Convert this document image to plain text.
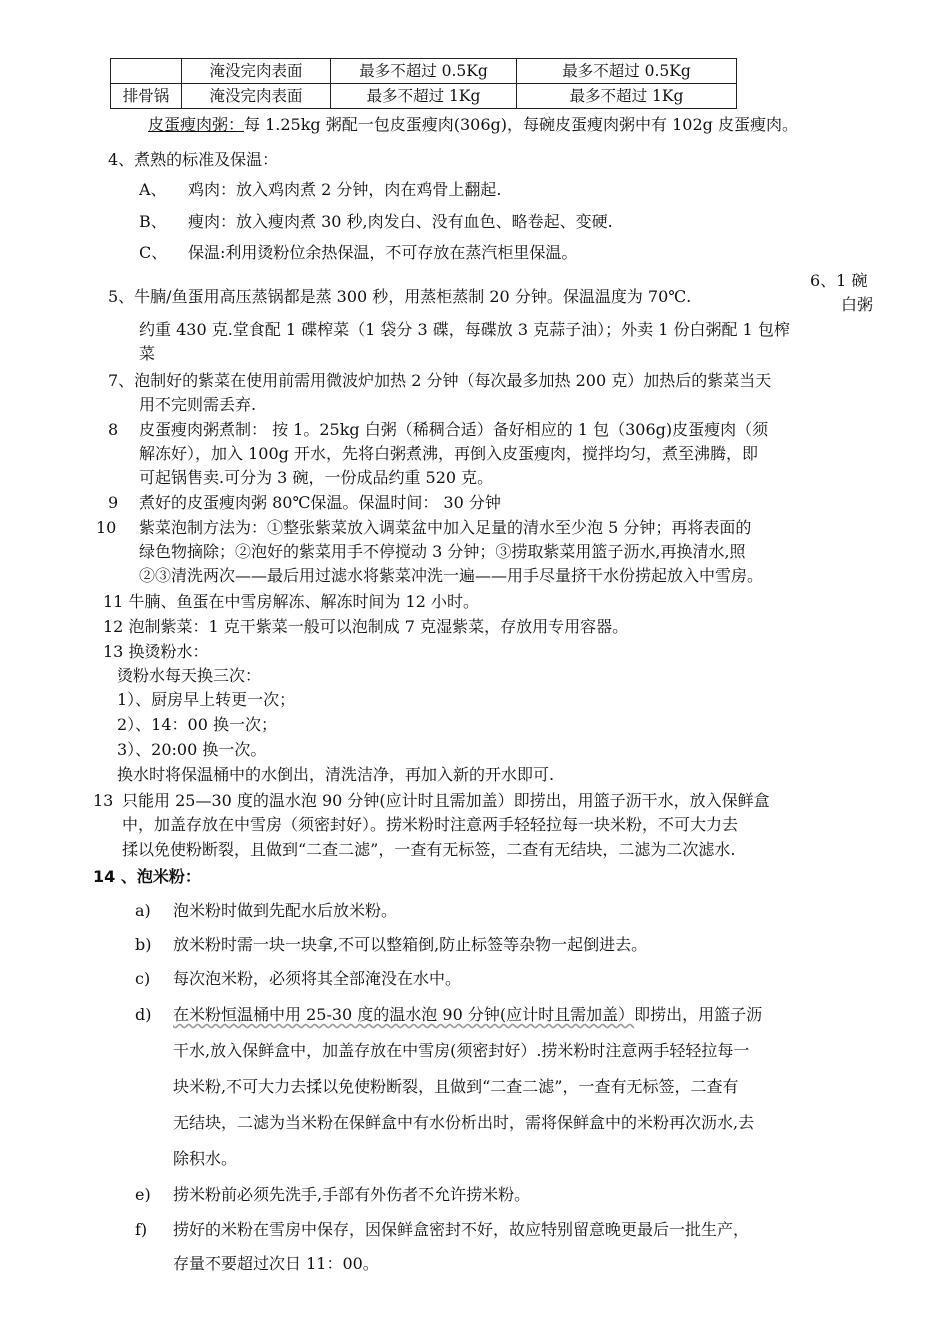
	淹没完肉表面	最多不超过 0.5Kg	最多不超过 0.5Kg
排骨锅	淹没完肉表面	最多不超过 1Kg	最多不超过 1Kg
皮蛋瘦肉粥：每 1.25kg 粥配一包皮蛋瘦肉(306g)，每碗皮蛋瘦肉粥中有 102g 皮蛋瘦肉。
4、煮熟的标准及保温：
A、 鸡肉：放入鸡肉煮 2 分钟，肉在鸡骨上翻起.
B、 瘦肉：放入瘦肉煮 30 秒,肉发白、没有血色、略卷起、变硬.
C、 保温:利用烫粉位余热保温，不可存放在蒸汽柜里保温。
5、牛腩/鱼蛋用高压蒸锅都是蒸 300 秒，用蒸柜蒸制 20 分钟。保温温度为 70℃.
6、1 碗
白粥
约重 430 克.堂食配 1 碟榨菜（1 袋分 3 碟，每碟放 3 克蒜子油）；外卖 1 份白粥配 1 包榨
菜
7、泡制好的紫菜在使用前需用微波炉加热 2 分钟（每次最多加热 200 克）加热后的紫菜当天
用不完则需丢弃.
8 皮蛋瘦肉粥煮制： 按 1。25kg 白粥（稀稠合适）备好相应的 1 包（306g)皮蛋瘦肉（须
解冻好），加入 100g 开水，先将白粥煮沸，再倒入皮蛋瘦肉，搅拌均匀，煮至沸腾，即
可起锅售卖.可分为 3 碗，一份成品约重 520 克。
9 煮好的皮蛋瘦肉粥 80℃保温。保温时间： 30 分钟
10 紫菜泡制方法为：①整张紫菜放入调菜盆中加入足量的清水至少泡 5 分钟；再将表面的
绿色物摘除；②泡好的紫菜用手不停搅动 3 分钟；③捞取紫菜用篮子沥水,再换清水,照
②③清洗两次——最后用过滤水将紫菜冲洗一遍——用手尽量挤干水份捞起放入中雪房。
11 牛腩、鱼蛋在中雪房解冻、解冻时间为 12 小时。
12 泡制紫菜：1 克干紫菜一般可以泡制成 7 克湿紫菜，存放用专用容器。
13 换烫粉水：
烫粉水每天换三次：
1）、厨房早上转更一次；
2）、14：00 换一次；
3）、20:00 换一次。
换水时将保温桶中的水倒出，清洗洁净，再加入新的开水即可.
13 只能用 25—30 度的温水泡 90 分钟(应计时且需加盖）即捞出，用篮子沥干水，放入保鲜盒
中，加盖存放在中雪房（须密封好）。捞米粉时注意两手轻轻拉每一块米粉，不可大力去
揉以免使粉断裂，且做到“二查二滤”，一查有无标签，二查有无结块，二滤为二次滤水.
14 、泡米粉：
a) 泡米粉时做到先配水后放米粉。
b) 放米粉时需一块一块拿,不可以整箱倒,防止标签等杂物一起倒进去。
c) 每次泡米粉，必须将其全部淹没在水中。
d) 在米粉恒温桶中用 25-30 度的温水泡 90 分钟(应计时且需加盖）即捞出，用篮子沥
干水,放入保鲜盒中，加盖存放在中雪房(须密封好）.捞米粉时注意两手轻轻拉每一
块米粉,不可大力去揉以免使粉断裂，且做到“二查二滤”，一查有无标签，二查有
无结块，二滤为当米粉在保鲜盒中有水份析出时，需将保鲜盒中的米粉再次沥水,去
除积水。
e) 捞米粉前必须先洗手,手部有外伤者不允许捞米粉。
f) 捞好的米粉在雪房中保存，因保鲜盒密封不好，故应特别留意晚更最后一批生产，
存量不要超过次日 11：00。
